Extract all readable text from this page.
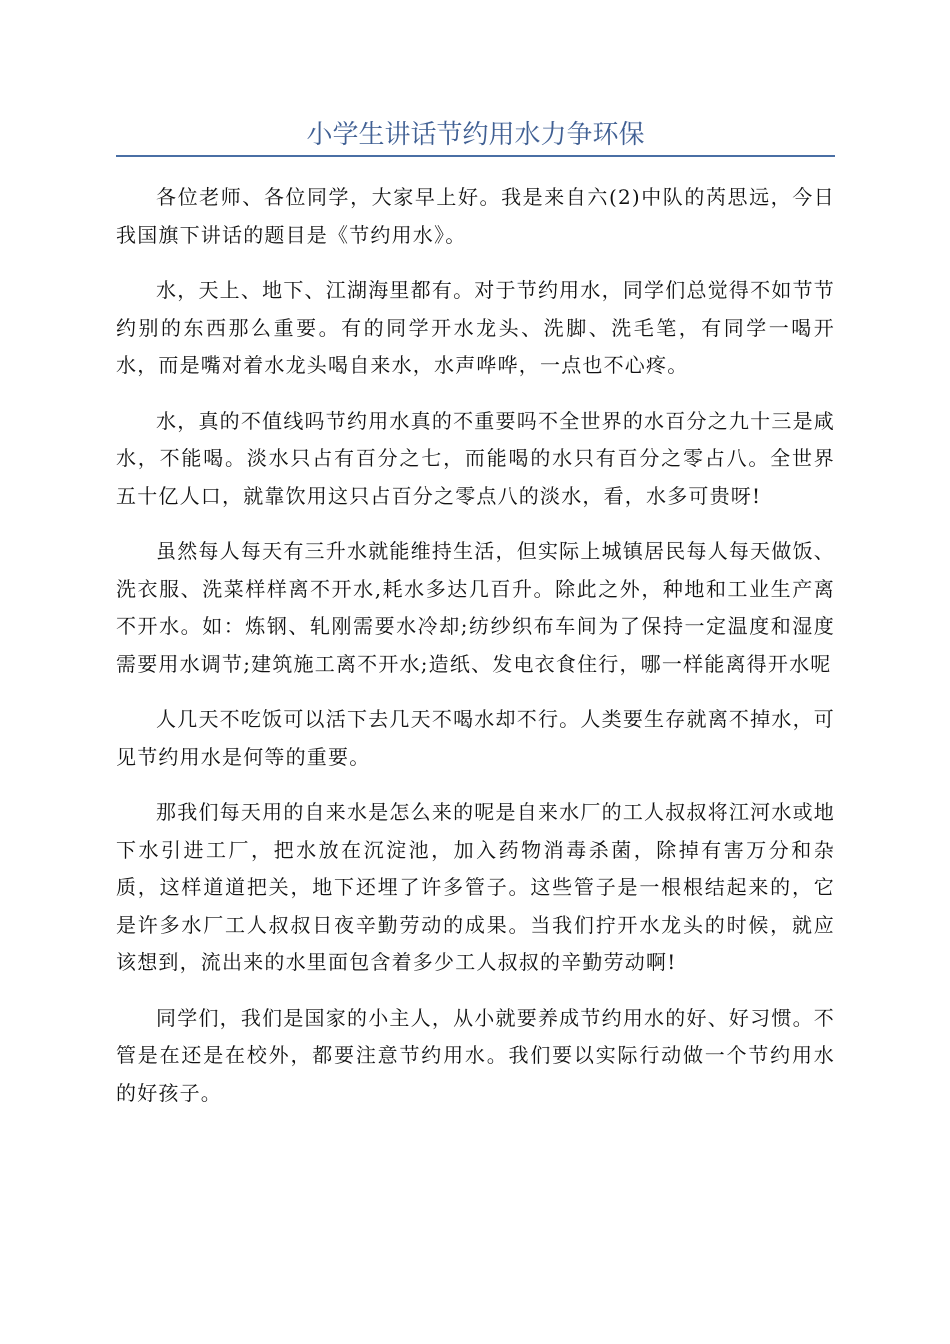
小学生讲话节约用水力争环保

各位老师、各位同学，大家早上好。我是来自六(2)中队的芮思远，今日我国旗下讲话的题目是《节约用水》。

水，天上、地下、江湖海里都有。对于节约用水，同学们总觉得不如节节约别的东西那么重要。有的同学开水龙头、洗脚、洗毛笔，有同学一喝开水，而是嘴对着水龙头喝自来水，水声哗哗，一点也不心疼。

水，真的不值线吗节约用水真的不重要吗不全世界的水百分之九十三是咸水，不能喝。淡水只占有百分之七，而能喝的水只有百分之零占八。全世界五十亿人口，就靠饮用这只占百分之零点八的淡水，看，水多可贵呀!

虽然每人每天有三升水就能维持生活，但实际上城镇居民每人每天做饭、洗衣服、洗菜样样离不开水,耗水多达几百升。除此之外，种地和工业生产离不开水。如：炼钢、轧刚需要水冷却;纺纱织布车间为了保持一定温度和湿度需要用水调节;建筑施工离不开水;造纸、发电衣食住行，哪一样能离得开水呢

人几天不吃饭可以活下去几天不喝水却不行。人类要生存就离不掉水，可见节约用水是何等的重要。

那我们每天用的自来水是怎么来的呢是自来水厂的工人叔叔将江河水或地下水引进工厂，把水放在沉淀池，加入药物消毒杀菌，除掉有害万分和杂质，这样道道把关，地下还埋了许多管子。这些管子是一根根结起来的，它是许多水厂工人叔叔日夜辛勤劳动的成果。当我们拧开水龙头的时候，就应该想到，流出来的水里面包含着多少工人叔叔的辛勤劳动啊!

同学们，我们是国家的小主人，从小就要养成节约用水的好、好习惯。不管是在还是在校外，都要注意节约用水。我们要以实际行动做一个节约用水的好孩子。
